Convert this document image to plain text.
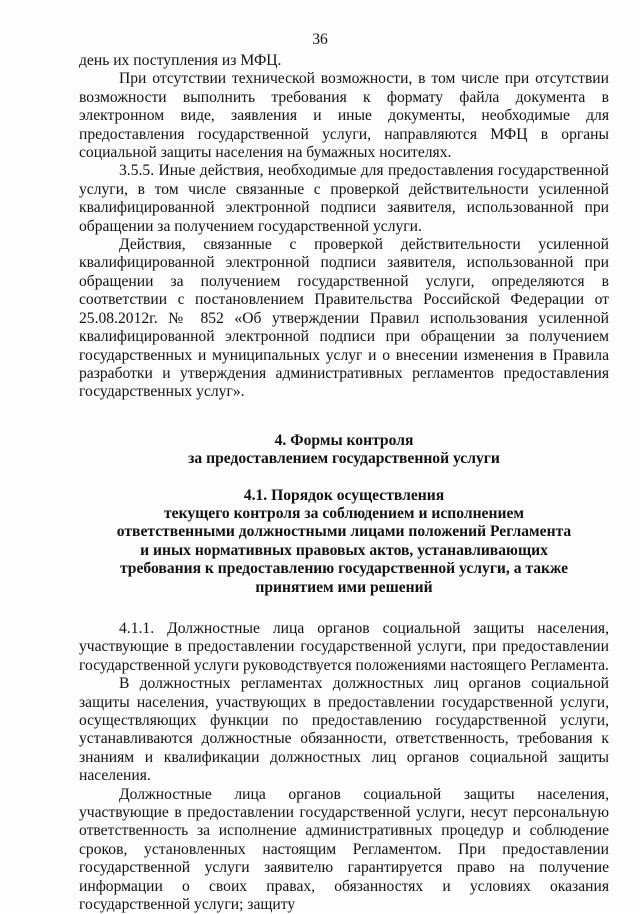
36

день их поступления из МФЦ.

При отсутствии технической возможности, в том числе при отсутствии возможности выполнить требования к формату файла документа в электронном виде, заявления и иные документы, необходимые для предоставления государственной услуги, направляются МФЦ в органы социальной защиты населения на бумажных носителях.

3.5.5. Иные действия, необходимые для предоставления государственной услуги, в том числе связанные с проверкой действительности усиленной квалифицированной электронной подписи заявителя, использованной при обращении за получением государственной услуги.

Действия, связанные с проверкой действительности усиленной квалифицированной электронной подписи заявителя, использованной при обращении за получением государственной услуги, определяются в соответствии с постановлением Правительства Российской Федерации от 25.08.2012г. № 852 «Об утверждении Правил использования усиленной квалифицированной электронной подписи при обращении за получением государственных и муниципальных услуг и о внесении изменения в Правила разработки и утверждения административных регламентов предоставления государственных услуг».

4. Формы контроля
за предоставлением государственной услуги
4.1. Порядок осуществления
текущего контроля за соблюдением и исполнением
ответственными должностными лицами положений Регламента
и иных нормативных правовых актов, устанавливающих
требования к предоставлению государственной услуги, а также
принятием ими решений

4.1.1. Должностные лица органов социальной защиты населения, участвующие в предоставлении государственной услуги, при предоставлении государственной услуги руководствуется положениями настоящего Регламента.

В должностных регламентах должностных лиц органов социальной защиты населения, участвующих в предоставлении государственной услуги, осуществляющих функции по предоставлению государственной услуги, устанавливаются должностные обязанности, ответственность, требования к знаниям и квалификации должностных лиц органов социальной защиты населения.

Должностные лица органов социальной защиты населения, участвующие в предоставлении государственной услуги, несут персональную ответственность за исполнение административных процедур и соблюдение сроков, установленных настоящим Регламентом. При предоставлении государственной услуги заявителю гарантируется право на получение информации о своих правах, обязанностях и условиях оказания государственной услуги; защиту
